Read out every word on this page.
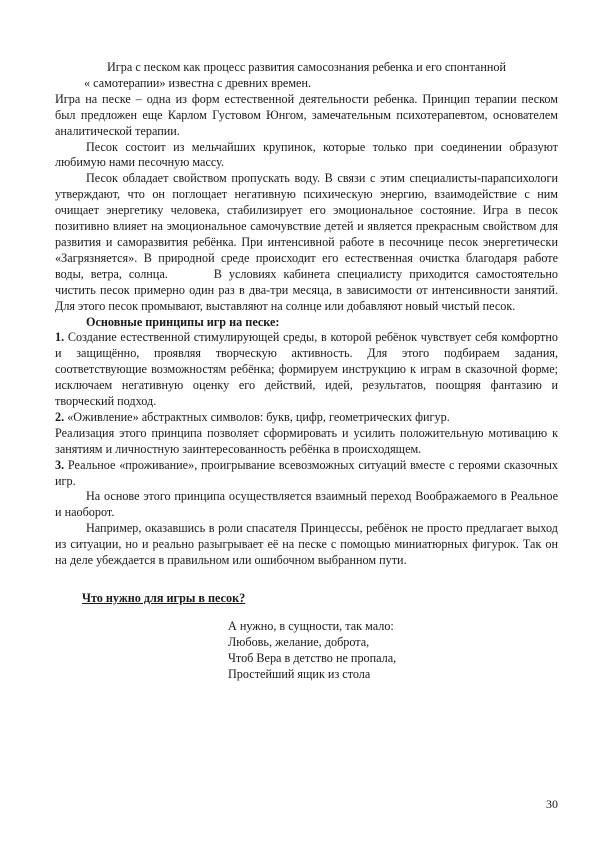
Игра с песком как процесс развития самосознания ребенка и его спонтанной

« самотерапии» известна с древних времен.

Игра на песке – одна из форм естественной деятельности ребенка. Принцип терапии песком был предложен еще Карлом Густовом Юнгом, замечательным психотерапевтом, основателем аналитической терапии.

Песок состоит из мельчайших крупинок, которые только при соединении образуют любимую нами песочную массу.

Песок обладает свойством пропускать воду. В связи с этим специалисты-парапсихологи утверждают, что он поглощает негативную психическую энергию, взаимодействие с ним очищает энергетику человека, стабилизирует его эмоциональное состояние. Игра в песок позитивно влияет на эмоциональное самочувствие детей и является прекрасным свойством для развития и саморазвития ребёнка. При интенсивной работе в песочнице песок энергетически «Загрязняется». В природной среде происходит его естественная очистка благодаря работе воды, ветра, солнца.	В условиях кабинета специалисту приходится самостоятельно чистить песок примерно один раз в два-три месяца, в зависимости от интенсивности занятий. Для этого песок промывают, выставляют на солнце или добавляют новый чистый песок.

Основные принципы игр на песке:

1. Создание естественной стимулирующей среды, в которой ребёнок чувствует себя комфортно и защищённо, проявляя творческую активность. Для этого подбираем задания, соответствующие возможностям ребёнка; формируем инструкцию к играм в сказочной форме; исключаем негативную оценку его действий, идей, результатов, поощряя фантазию и творческий подход.

2. «Оживление» абстрактных символов: букв, цифр, геометрических фигур.

Реализация этого принципа позволяет сформировать и усилить положительную мотивацию к занятиям и личностную заинтересованность ребёнка в происходящем.

3. Реальное «проживание», проигрывание всевозможных ситуаций вместе с героями сказочных игр.

На основе этого принципа осуществляется взаимный переход Воображаемого в Реальное и наоборот.

Например, оказавшись в роли спасателя Принцессы, ребёнок не просто предлагает выход из ситуации, но и реально разыгрывает её на песке с помощью миниатюрных фигурок. Так он на деле убеждается в правильном или ошибочном выбранном пути.

Что нужно для игры в песок?

А нужно, в сущности, так мало:
Любовь, желание, доброта,
Чтоб Вера в детство не пропала,
Простейший ящик из стола
30
